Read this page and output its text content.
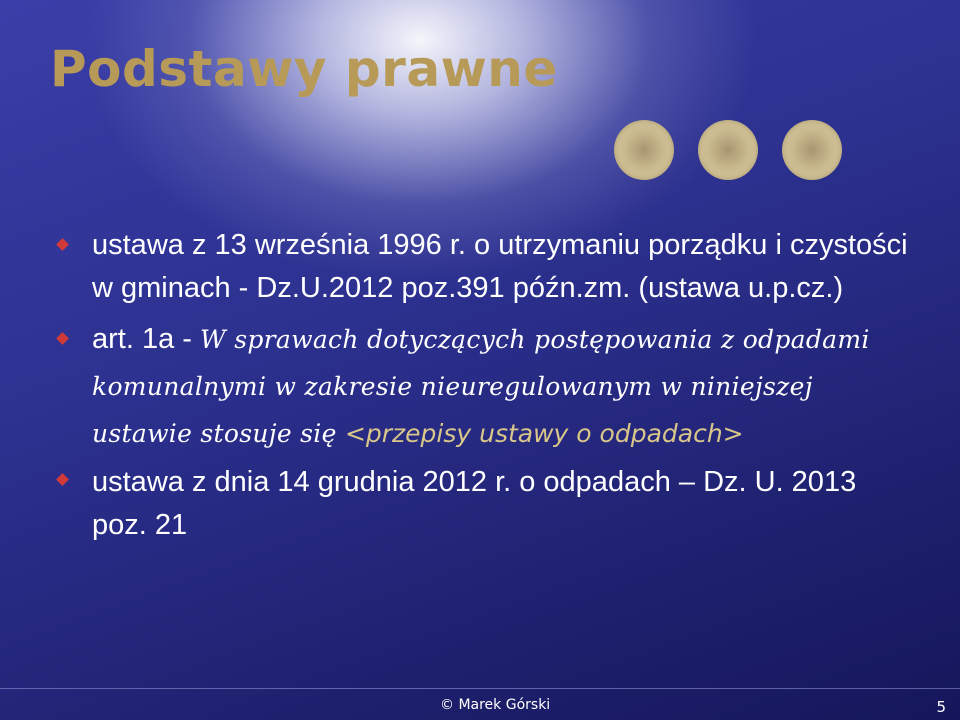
Podstawy prawne

ustawa z 13 września 1996 r. o utrzymaniu porządku i czystości w gminach - Dz.U.2012 poz.391 późn.zm. (ustawa u.p.cz.)

art. 1a - W sprawach dotyczących postępowania z odpadami komunalnymi w zakresie nieuregulowanym w niniejszej ustawie stosuje się <przepisy ustawy o odpadach>

ustawa z dnia 14 grudnia 2012 r. o odpadach – Dz. U. 2013 poz. 21

© Marek Górski	5
